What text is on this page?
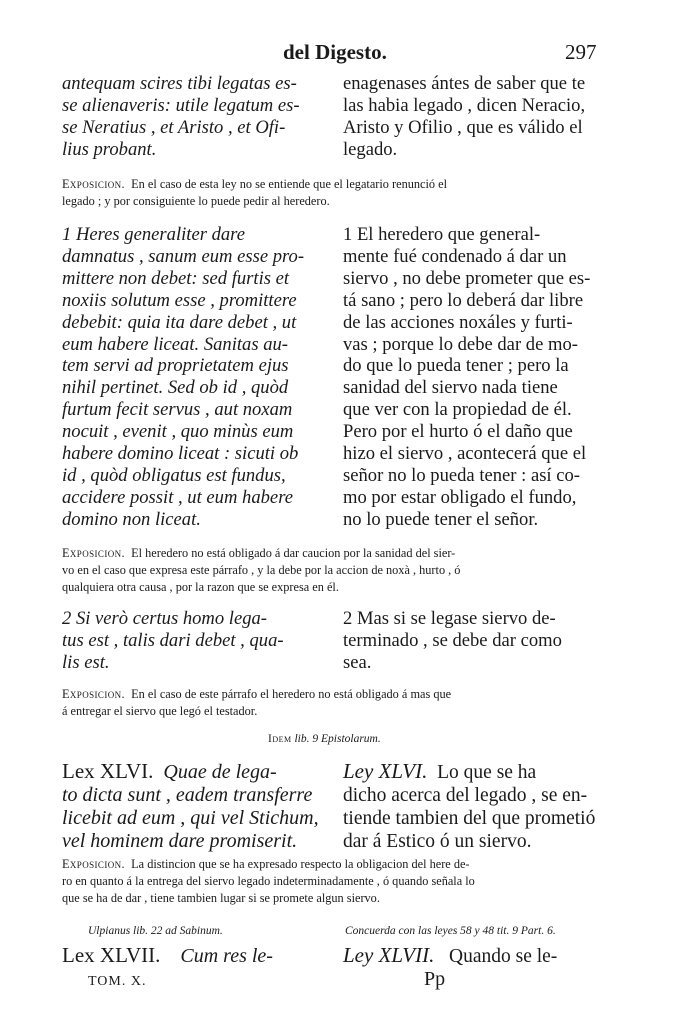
del Digesto.	297

antequam scires tibi legatas es-

se alienaveris: utile legatum es-

se Neratius , et Aristo , et Ofi-

lius probant.

enagenases ántes de saber que te

las habia legado , dicen Neracio,

Aristo y Ofilio , que es válido el

legado.

Exposicion. En el caso de esta ley no se entiende que el legatario renunció el

legado ; y por consiguiente lo puede pedir al heredero.

1 Heres generaliter dare

damnatus , sanum eum esse pro-

mittere non debet: sed furtis et

noxiis solutum esse , promittere

debebit: quia ita dare debet , ut

eum habere liceat. Sanitas au-

tem servi ad proprietatem ejus

nihil pertinet. Sed ob id , quòd

furtum fecit servus , aut noxam

nocuit , evenit , quo minùs eum

habere domino liceat : sicuti ob

id , quòd obligatus est fundus,

accidere possit , ut eum habere

domino non liceat.

1 El heredero que general-

mente fué condenado á dar un

siervo , no debe prometer que es-

tá sano ; pero lo deberá dar libre

de las acciones noxáles y furti-

vas ; porque lo debe dar de mo-

do que lo pueda tener ; pero la

sanidad del siervo nada tiene

que ver con la propiedad de él.

Pero por el hurto ó el daño que

hizo el siervo , acontecerá que el

señor no lo pueda tener : así co-

mo por estar obligado el fundo,

no lo puede tener el señor.

Exposicion. El heredero no está obligado á dar caucion por la sanidad del sier-

vo en el caso que expresa este párrafo , y la debe por la accion de noxà , hurto , ó

qualquiera otra causa , por la razon que se expresa en él.

2 Si verò certus homo lega-

tus est , talis dari debet , qua-

lis est.

2 Mas si se legase siervo de-

terminado , se debe dar como

sea.

Exposicion. En el caso de este párrafo el heredero no está obligado á mas que

á entregar el siervo que legó el testador.

Idem lib. 9 Epistolarum.
Lex XLVI. Quae de lega-
to dicta sunt , eadem transferre
licebit ad eum , qui vel Stichum,
vel hominem dare promiserit.
Ley XLVI. Lo que se ha
dicho acerca del legado , se en-
tiende tambien del que prometió
dar á Estico ó un siervo.

Exposicion. La distincion que se ha expresado respecto la obligacion del here de-

ro en quanto á la entrega del siervo legado indeterminadamente , ó quando señala lo

que se ha de dar , tiene tambien lugar si se promete algun siervo.

Ulpianus lib. 22 ad Sabinum.	Concuerda con las leyes 58 y 48 tit. 9 Part. 6.
Lex XLVII. Cum res le-	Ley XLVII. Quando se le-
TOM. X.	Pp
